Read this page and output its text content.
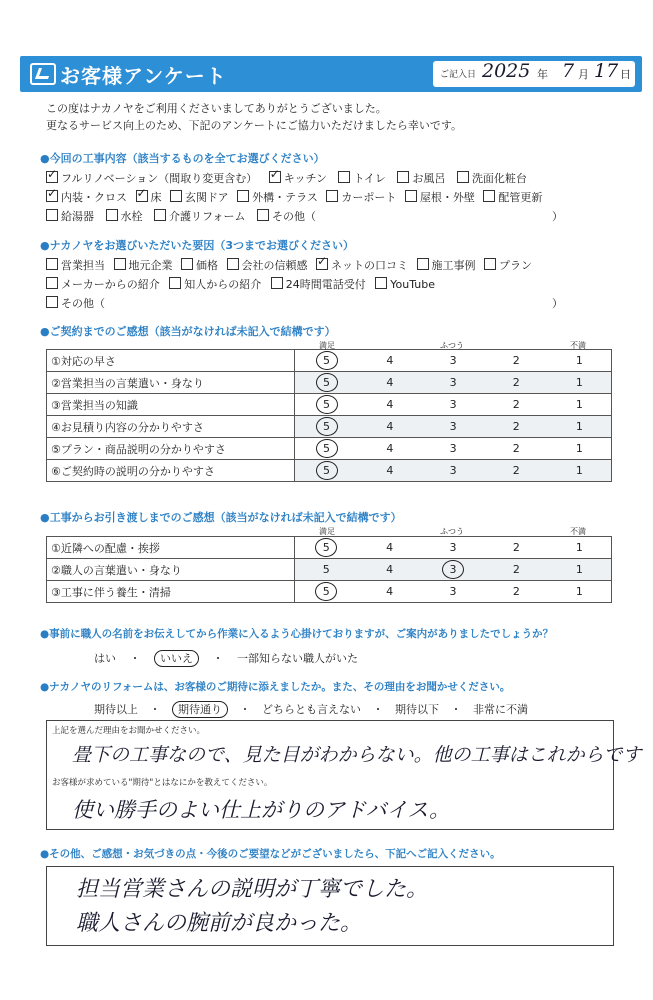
お客様アンケート	ご記入日 2025 年 7 月 17 日
この度はナカノヤをご利用くださいましてありがとうございました。
更なるサービス向上のため、下記のアンケートにご協力いただけましたら幸いです。
●今回の工事内容（該当するものを全てお選びください）
✓フルリノベーション（間取り変更含む） ✓ キッチン トイレ お風呂 洗面化粧台
✓内装・クロス ✓ 床 玄関ドア 外構・テラス カーポート 屋根・外壁 配管更新
給湯器 水栓 介護リフォーム その他（	）
●ナカノヤをお選びいただいた要因（3つまでお選びください）
営業担当 地元企業 価格 会社の信頼感 ✓ ネットの口コミ 施工事例 プラン
メーカーからの紹介 知人からの紹介 24時間電話受付 YouTube
その他（	）
●ご契約までのご感想（該当がなければ未記入で結構です）
満足	ふつう	不満
①対応の早さ	5	4	3	2	1
②営業担当の言葉遣い・身なり	5	4	3	2	1
③営業担当の知識	5	4	3	2	1
④お見積り内容の分かりやすさ	5	4	3	2	1
⑤プラン・商品説明の分かりやすさ	5	4	3	2	1
⑥ご契約時の説明の分かりやすさ	5	4	3	2	1
●工事からお引き渡しまでのご感想（該当がなければ未記入で結構です）
満足	ふつう	不満
①近隣への配慮・挨拶	5	4	3	2	1
②職人の言葉遣い・身なり	5	4	3	2	1
③工事に伴う養生・清掃	5	4	3	2	1
●事前に職人の名前をお伝えしてから作業に入るよう心掛けておりますが、ご案内がありましたでしょうか？
はい ・ いいえ ・ 一部知らない職人がいた
●ナカノヤのリフォームは、お客様のご期待に添えましたか。また、その理由をお聞かせください。
期待以上 ・ 期待通り ・ どちらとも言えない ・ 期待以下 ・ 非常に不満
上記を選んだ理由をお聞かせください。
畳下の工事なので、見た目がわからない。他の工事はこれからです
お客様が求めている"期待"とはなにかを教えてください。
使い勝手のよい仕上がりのアドバイス。
●その他、ご感想・お気づきの点・今後のご要望などがございましたら、下記へご記入ください。
担当営業さんの説明が丁寧でした。
職人さんの腕前が良かった。
